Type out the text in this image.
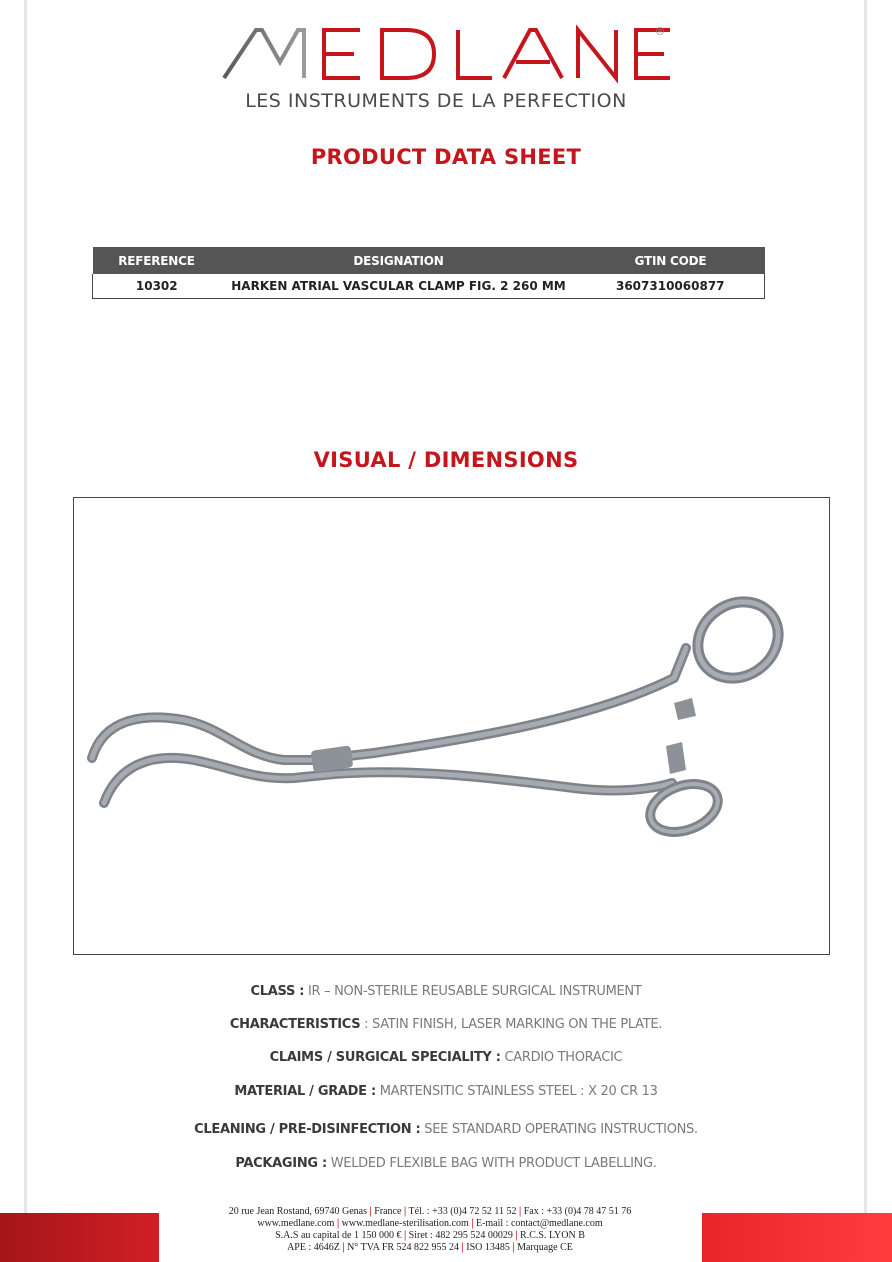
®
LES INSTRUMENTS DE LA PERFECTION
PRODUCT DATA SHEET
REFERENCE	DESIGNATION	GTIN CODE
10302	HARKEN ATRIAL VASCULAR CLAMP FIG. 2 260 MM	3607310060877
VISUAL / DIMENSIONS
CLASS : IR – NON-STERILE REUSABLE SURGICAL INSTRUMENT
CHARACTERISTICS : SATIN FINISH, LASER MARKING ON THE PLATE.
CLAIMS / SURGICAL SPECIALITY : CARDIO THORACIC
MATERIAL / GRADE : MARTENSITIC STAINLESS STEEL : X 20 CR 13
CLEANING / PRE-DISINFECTION : SEE STANDARD OPERATING INSTRUCTIONS.
PACKAGING : WELDED FLEXIBLE BAG WITH PRODUCT LABELLING.
20 rue Jean Rostand, 69740 Genas | France | Tél. : +33 (0)4 72 52 11 52 | Fax : +33 (0)4 78 47 51 76
www.medlane.com | www.medlane-sterilisation.com | E-mail : contact@medlane.com
S.A.S au capital de 1 150 000 € | Siret : 482 295 524 00029 | R.C.S. LYON B
APE : 4646Z | N° TVA FR 524 822 955 24 | ISO 13485 | Marquage CE
